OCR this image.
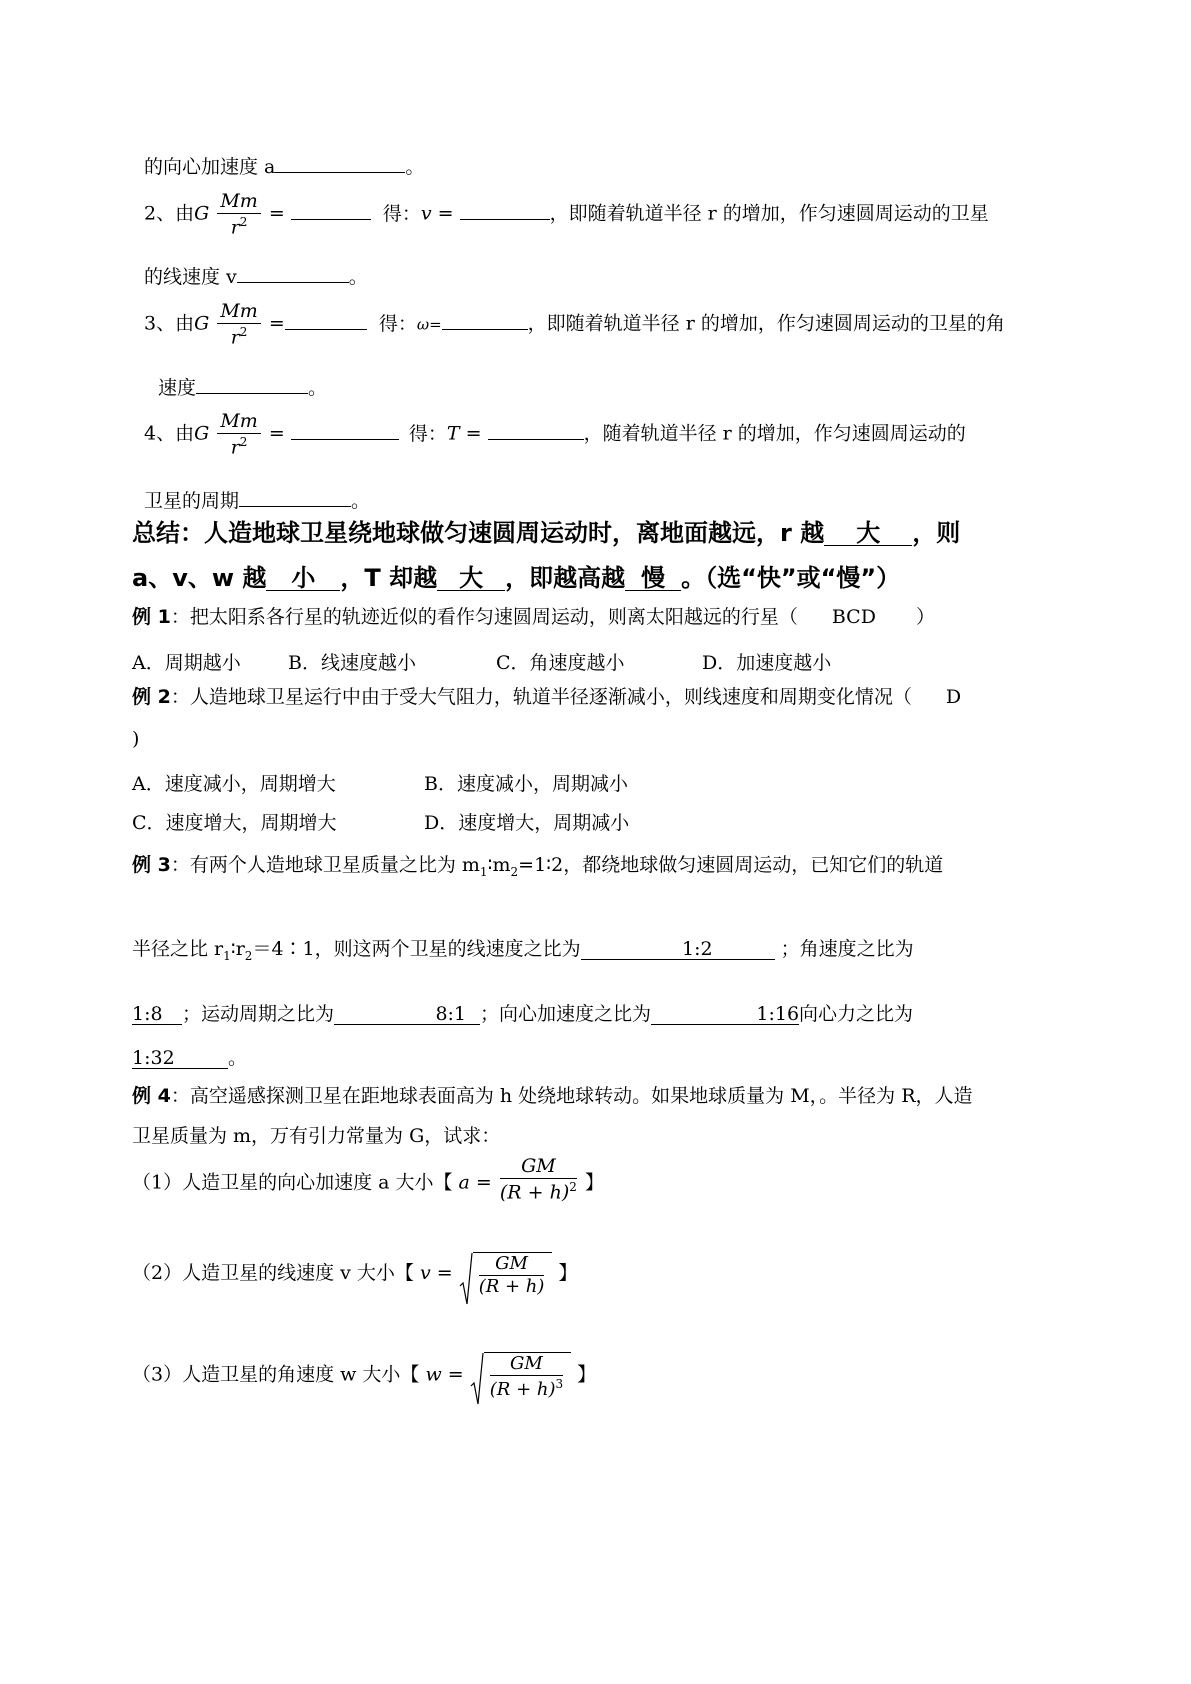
的向心加速度 a	。
2、由G $\frac{Mm}{r^2}$ =	得：v =	，即随着轨道半径 r 的增加，作匀速圆周运动的卫星
的线速度 v	。
3、由G $\frac{Mm}{r^2}$ =	得：ω=	，即随着轨道半径 r 的增加，作匀速圆周运动的卫星的角
速度	。
4、由G $\frac{Mm}{r^2}$ =	得：T =	，随着轨道半径 r 的增加，作匀速圆周运动的
卫星的周期	。
总结：人造地球卫星绕地球做匀速圆周运动时，离地面越远，r 越 大 ，则
a、v、w 越 小 ，T 却越 大 ，即越高越 慢 。（选“快”或“慢”）
例 1：把太阳系各行星的轨迹近似的看作匀速圆周运动，则离太阳越远的行星（ BCD ）
A．周期越小 B．线速度越小	C．角速度越小	D．加速度越小
例 2：人造地球卫星运行中由于受大气阻力，轨道半径逐渐减小，则线速度和周期变化情况（ D
)
A．速度减小，周期增大	B．速度减小，周期减小
C．速度增大，周期增大	D．速度增大，周期减小
例 3：有两个人造地球卫星质量之比为 $m_1∶m_2=1∶2$，都绕地球做匀速圆周运动，已知它们的轨道
半径之比 $r_1∶r_2=4∶1$，则这两个卫星的线速度之比为	1:2	；角速度之比为
1:8 ；运动周期之比为	8:1 ；向心加速度之比为	1:16向心力之比为
1:32	。
例 4：高空遥感探测卫星在距地球表面高为 h 处绕地球转动。如果地球质量为 M，。半径为 R，人造
卫星质量为 m，万有引力常量为 G，试求：
（1）人造卫星的向心加速度 a 大小【 $a = \frac{GM}{(R + h)^2}$ 】
（2）人造卫星的线速度 v 大小【 $v = \frac{GM}{(R + h)}$ 】
（3）人造卫星的角速度 w 大小【 $w = \frac{GM}{(R + h)^3}$ 】
